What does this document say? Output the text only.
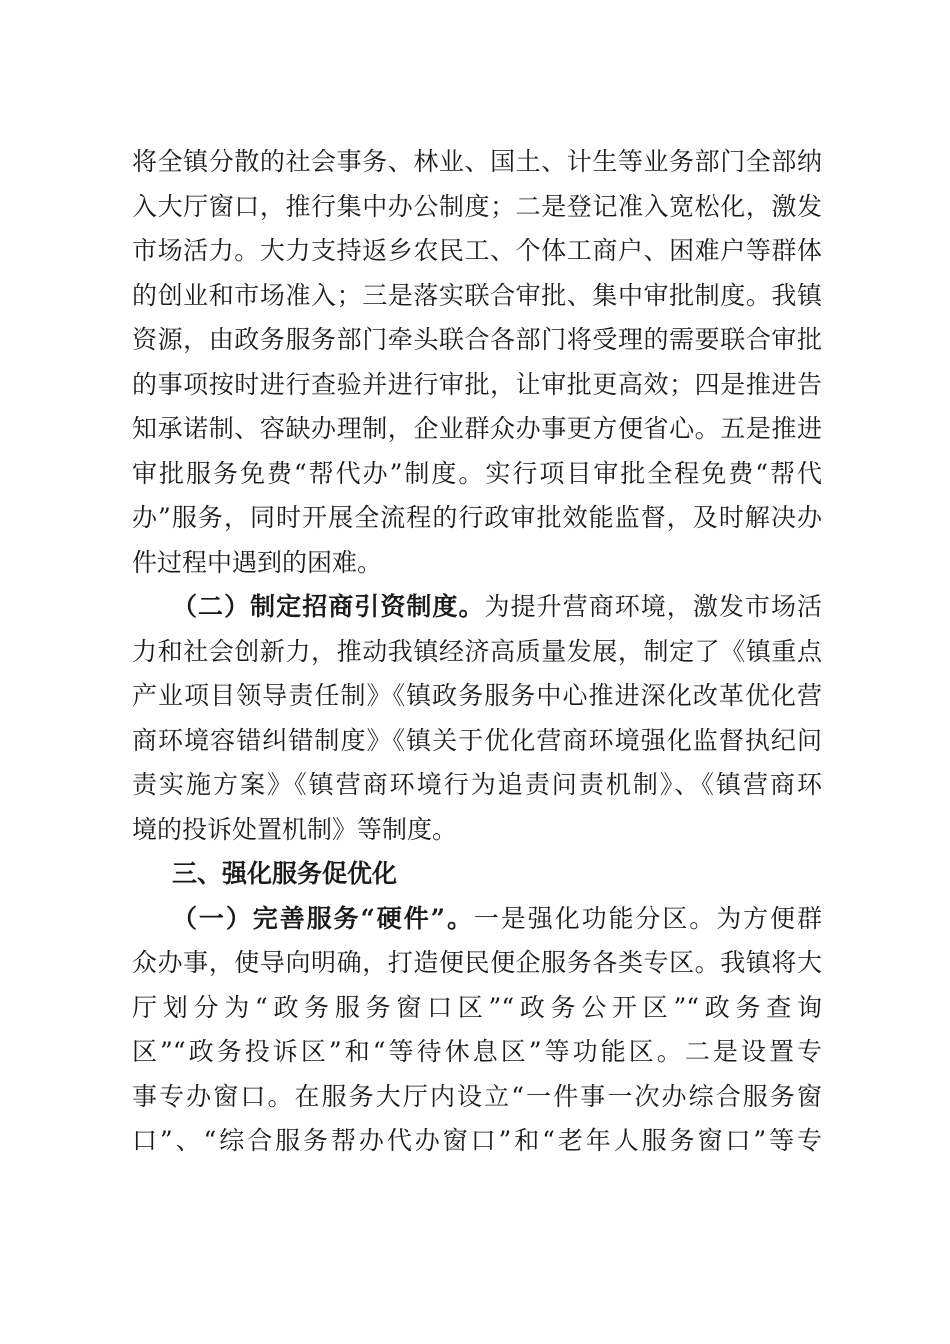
将全镇分散的社会事务、林业、国土、计生等业务部门全部纳
入大厅窗口，推行集中办公制度；二是登记准入宽松化，激发
市场活力。大力支持返乡农民工、个体工商户、困难户等群体
的创业和市场准入；三是落实联合审批、集中审批制度。我镇
资源，由政务服务部门牵头联合各部门将受理的需要联合审批
的事项按时进行查验并进行审批，让审批更高效；四是推进告
知承诺制、容缺办理制，企业群众办事更方便省心。五是推进
审批服务免费“帮代办”制度。实行项目审批全程免费“帮代
办”服务，同时开展全流程的行政审批效能监督，及时解决办
件过程中遇到的困难。
（二）制定招商引资制度。为提升营商环境，激发市场活
力和社会创新力，推动我镇经济高质量发展，制定了《镇重点
产业项目领导责任制》《镇政务服务中心推进深化改革优化营
商环境容错纠错制度》《镇关于优化营商环境强化监督执纪问
责实施方案》《镇营商环境行为追责问责机制》、《镇营商环
境的投诉处置机制》等制度。
三、强化服务促优化
（一）完善服务“硬件”。一是强化功能分区。为方便群
众办事，使导向明确，打造便民便企服务各类专区。我镇将大
厅划分为“政务服务窗口区”“政务公开区”“政务查询
区”“政务投诉区”和“等待休息区”等功能区。二是设置专
事专办窗口。在服务大厅内设立“一件事一次办综合服务窗
口”、“综合服务帮办代办窗口”和“老年人服务窗口”等专
